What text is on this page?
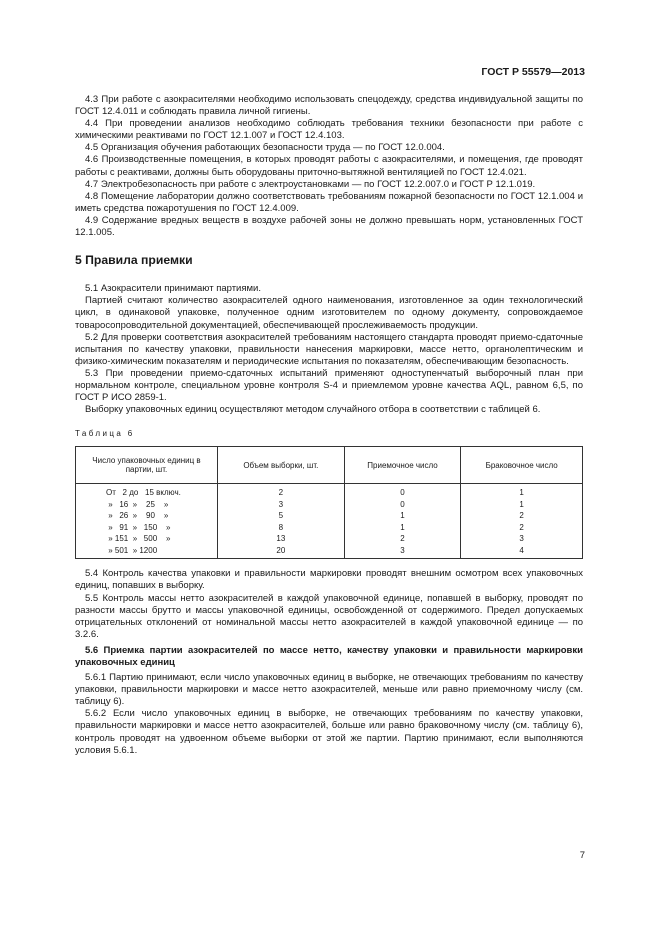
ГОСТ Р 55579—2013

4.3 При работе с азокрасителями необходимо использовать спецодежду, средства индивидуальной защиты по ГОСТ 12.4.011 и соблюдать правила личной гигиены.

4.4 При проведении анализов необходимо соблюдать требования техники безопасности при работе с химическими реактивами по ГОСТ 12.1.007 и ГОСТ 12.4.103.

4.5 Организация обучения работающих безопасности труда — по ГОСТ 12.0.004.

4.6 Производственные помещения, в которых проводят работы с азокрасителями, и помещения, где проводят работы с реактивами, должны быть оборудованы приточно-вытяжной вентиляцией по ГОСТ 12.4.021.

4.7 Электробезопасность при работе с электроустановками — по ГОСТ 12.2.007.0 и ГОСТ Р 12.1.019.

4.8 Помещение лаборатории должно соответствовать требованиям пожарной безопасности по ГОСТ 12.1.004 и иметь средства пожаротушения по ГОСТ 12.4.009.

4.9 Содержание вредных веществ в воздухе рабочей зоны не должно превышать норм, установленных ГОСТ 12.1.005.

5 Правила приемки

5.1 Азокрасители принимают партиями.

Партией считают количество азокрасителей одного наименования, изготовленное за один технологический цикл, в одинаковой упаковке, полученное одним изготовителем по одному документу, сопровождаемое товаросопроводительной документацией, обеспечивающей прослеживаемость продукции.

5.2 Для проверки соответствия азокрасителей требованиям настоящего стандарта проводят приемо-сдаточные испытания по качеству упаковки, правильности нанесения маркировки, массе нетто, органолептическим и физико-химическим показателям и периодические испытания по показателям, обеспечивающим безопасность.

5.3 При проведении приемо-сдаточных испытаний применяют одноступенчатый выборочный план при нормальном контроле, специальном уровне контроля S-4 и приемлемом уровне качества AQL, равном 6,5, по ГОСТ Р ИСО 2859-1.

Выборку упаковочных единиц осуществляют методом случайного отбора в соответствии с таблицей 6.

Таблица 6
Число упаковочных единиц в партии, шт.	Объем выборки, шт.	Приемочное число	Браковочное число
От   2 до   15 включ.	2	0	1
»   16  »    25    »	3	0	1
»   26  »    90    »	5	1	2
»   91  »   150    »	8	1	2
» 151  »   500    »	13	2	3
» 501  » 1200	20	3	4

5.4 Контроль качества упаковки и правильности маркировки проводят внешним осмотром всех упаковочных единиц, попавших в выборку.

5.5 Контроль массы нетто азокрасителей в каждой упаковочной единице, попавшей в выборку, проводят по разности массы брутто и массы упаковочной единицы, освобожденной от содержимого. Предел допускаемых отрицательных отклонений от номинальной массы нетто азокрасителей в каждой упаковочной единице — по 3.2.6.

5.6 Приемка партии азокрасителей по массе нетто, качеству упаковки и правильности маркировки упаковочных единиц

5.6.1 Партию принимают, если число упаковочных единиц в выборке, не отвечающих требованиям по качеству упаковки, правильности маркировки и массе нетто азокрасителей, меньше или равно приемочному числу (см. таблицу 6).

5.6.2 Если число упаковочных единиц в выборке, не отвечающих требованиям по качеству упаковки, правильности маркировки и массе нетто азокрасителей, больше или равно браковочному числу (см. таблицу 6), контроль проводят на удвоенном объеме выборки от этой же партии. Партию принимают, если выполняются условия 5.6.1.

7
